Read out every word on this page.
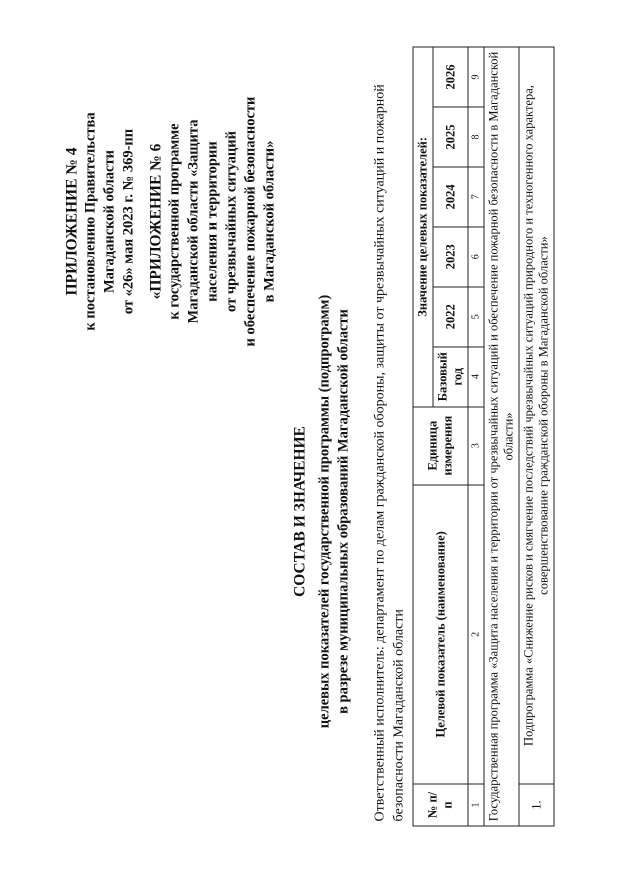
ПРИЛОЖЕНИЕ № 4 к постановлению Правительства Магаданской области от «26» мая 2023 г. № 369-пп «ПРИЛОЖЕНИЕ № 6 к государственной программе Магаданской области «Защита населения и территории от чрезвычайных ситуаций и обеспечение пожарной безопасности в Магаданской области»
СОСТАВ И ЗНАЧЕНИЕ целевых показателей государственной программы (подпрограмм) в разрезе муниципальных образований Магаданской области Ответственный исполнитель: департамент по делам гражданской обороны, защиты от чрезвычайных ситуаций и пожарной безопасности Магаданской области № п/п	Целевой показатель (наименование)	Единица измерения	Значение целевых показателей:					
			Базовый год	2022	2023	2024	2025	2026
1	2	3	4	5	6	7	8	9
Государственная программа «Защита населения и территории от чрезвычайных ситуаций и обеспечение пожарной безопасности в Магаданской области»								
1.	Подпрограмма «Снижение рисков и смягчение последствий чрезвычайных ситуаций природного и техногенного характера, совершенствование гражданской обороны в Магаданской области»							
